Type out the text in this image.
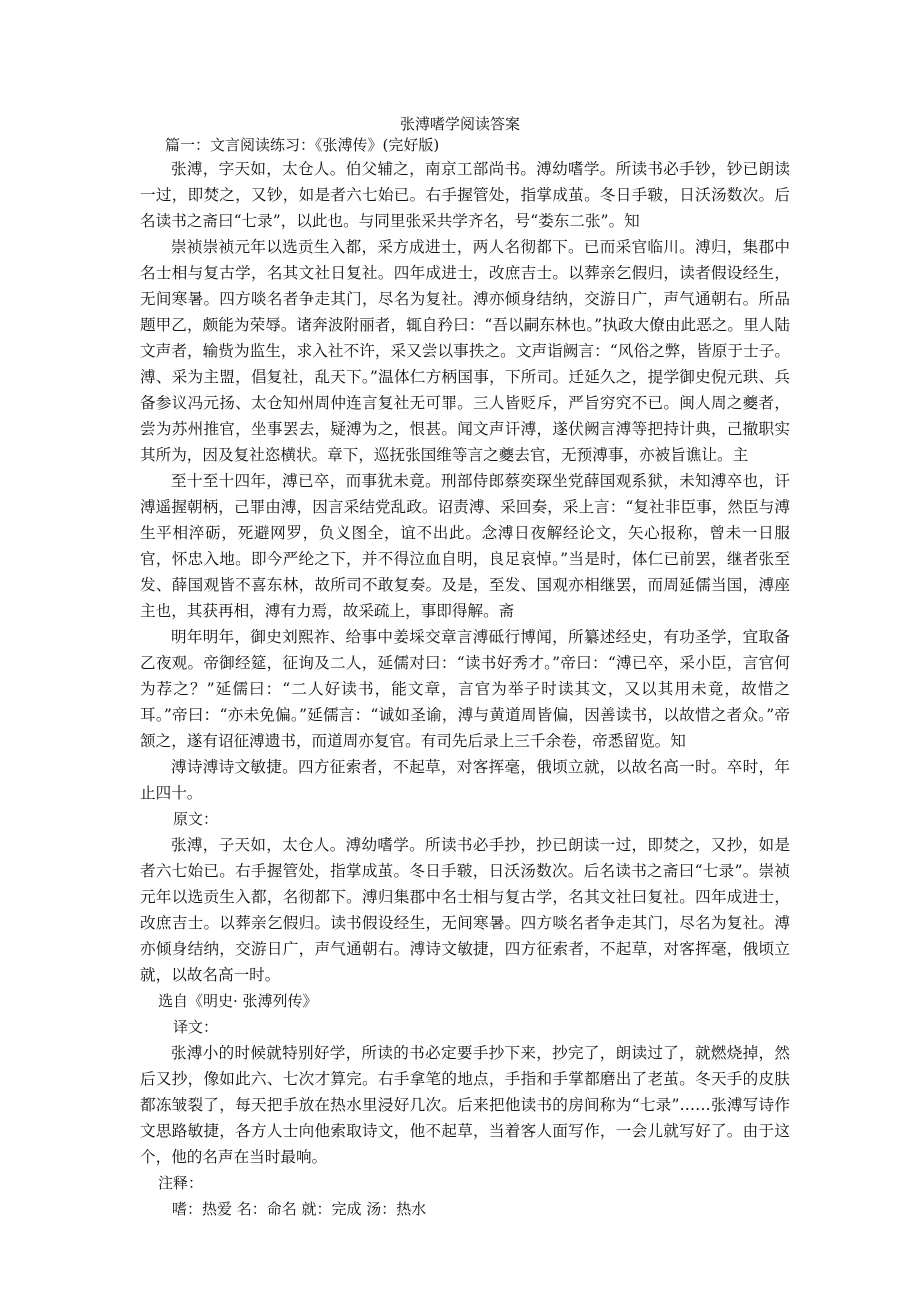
张溥嗜学阅读答案

篇一：文言阅读练习：《张溥传》(完好版)

张溥，字天如，太仓人。伯父辅之，南京工部尚书。溥幼嗜学。所读书必手钞，钞已朗读一过，即焚之，又钞，如是者六七始已。右手握管处，指掌成茧。冬日手皲，日沃汤数次。后名读书之斋曰“七录”，以此也。与同里张采共学齐名，号“娄东二张”。知

崇祯崇祯元年以选贡生入都，采方成进士，两人名彻都下。已而采官临川。溥归，集郡中名士相与复古学，名其文社日复社。四年成进士，改庶吉士。以葬亲乞假归，读者假设经生，无间寒暑。四方啖名者争走其门，尽名为复社。溥亦倾身结纳，交游日广，声气通朝右。所品题甲乙，颇能为荣辱。诸奔波附丽者，辄自矜曰：“吾以嗣东林也。”执政大僚由此恶之。里人陆文声者，输赀为监生，求入社不许，采又尝以事抶之。文声诣阙言：“风俗之弊，皆原于士子。溥、采为主盟，倡复社，乱天下。”温体仁方柄国事，下所司。迁延久之，提学御史倪元珙、兵备参议冯元扬、太仓知州周仲连言复社无可罪。三人皆贬斥，严旨穷究不已。闽人周之夔者，尝为苏州推官，坐事罢去，疑溥为之，恨甚。闻文声讦溥，遂伏阙言溥等把持计典，己撤职实其所为，因及复社恣横状。章下，巡抚张国维等言之夔去官，无预溥事，亦被旨谯让。主

至十至十四年，溥已卒，而事犹未竟。刑部侍郎蔡奕琛坐党薛国观系狱，未知溥卒也，讦溥遥握朝柄，己罪由溥，因言采结党乱政。诏责溥、采回奏，采上言：“复社非臣事，然臣与溥生平相淬砺，死避网罗，负义图全，谊不出此。念溥日夜解经论文，矢心报称，曾未一日服官，怀忠入地。即今严纶之下，并不得泣血自明，良足哀悼。”当是时，体仁已前罢，继者张至发、薛国观皆不喜东林，故所司不敢复奏。及是，至发、国观亦相继罢，而周延儒当国，溥座主也，其获再相，溥有力焉，故采疏上，事即得解。斋

明年明年，御史刘熙祚、给事中姜埰交章言溥砥行博闻，所纂述经史，有功圣学，宜取备乙夜观。帝御经筵，征询及二人，延儒对曰：“读书好秀才。”帝曰：“溥已卒，采小臣，言官何为荐之？”延儒曰：“二人好读书，能文章，言官为举子时读其文，又以其用未竟，故惜之耳。”帝曰：“亦未免偏。”延儒言：“诚如圣谕，溥与黄道周皆偏，因善读书，以故惜之者众。”帝颔之，遂有诏征溥遗书，而道周亦复官。有司先后录上三千余卷，帝悉留览。知

溥诗溥诗文敏捷。四方征索者，不起草，对客挥毫，俄顷立就，以故名高一时。卒时，年止四十。

原文：

张溥，子天如，太仓人。溥幼嗜学。所读书必手抄，抄已朗读一过，即焚之，又抄，如是者六七始已。右手握管处，指掌成茧。冬日手皲，日沃汤数次。后名读书之斋曰“七录”。崇祯元年以选贡生入都，名彻都下。溥归集郡中名士相与复古学，名其文社曰复社。四年成进士，改庶吉士。以葬亲乞假归。读书假设经生，无间寒暑。四方啖名者争走其门，尽名为复社。溥亦倾身结纳，交游日广，声气通朝右。溥诗文敏捷，四方征索者，不起草，对客挥毫，俄顷立就，以故名高一时。

选自《明史· 张溥列传》

译文：

张溥小的时候就特别好学，所读的书必定要手抄下来，抄完了，朗读过了，就燃烧掉，然后又抄，像如此六、七次才算完。右手拿笔的地点，手指和手掌都磨出了老茧。冬天手的皮肤都冻皱裂了，每天把手放在热水里浸好几次。后来把他读书的房间称为“七录”……张溥写诗作文思路敏捷，各方人士向他索取诗文，他不起草，当着客人面写作，一会儿就写好了。由于这个，他的名声在当时最响。

注释：

嗜：热爱 名：命名 就：完成 汤：热水
